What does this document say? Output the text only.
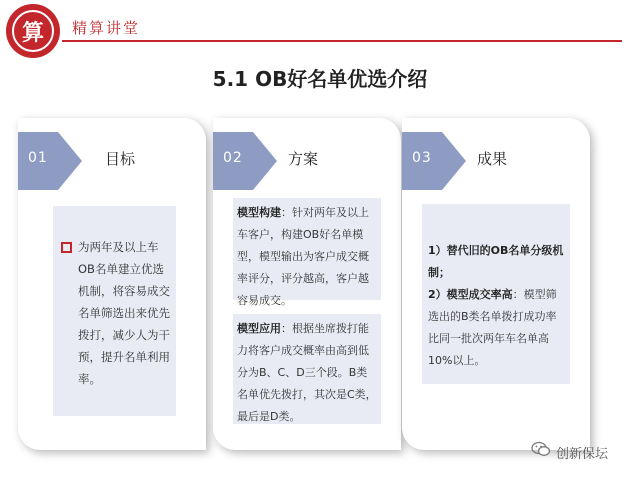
算	精算讲堂
5.1 OB好名单优选介绍
01	目标
为两年及以上车OB名单建立优选机制，将容易成交名单筛选出来优先拨打，减少人为干预，提升名单利用率。
02	方案
模型构建：针对两年及以上车客户，构建OB好名单模型，模型输出为客户成交概率评分，评分越高，客户越容易成交。
模型应用：根据坐席拨打能力将客户成交概率由高到低分为B、C、D三个段。B类名单优先拨打，其次是C类，最后是D类。
03	成果
1）替代旧的OB名单分级机制；
2）模型成交率高：模型筛选出的B类名单拨打成功率比同一批次两年车名单高10%以上。
创新保坛
